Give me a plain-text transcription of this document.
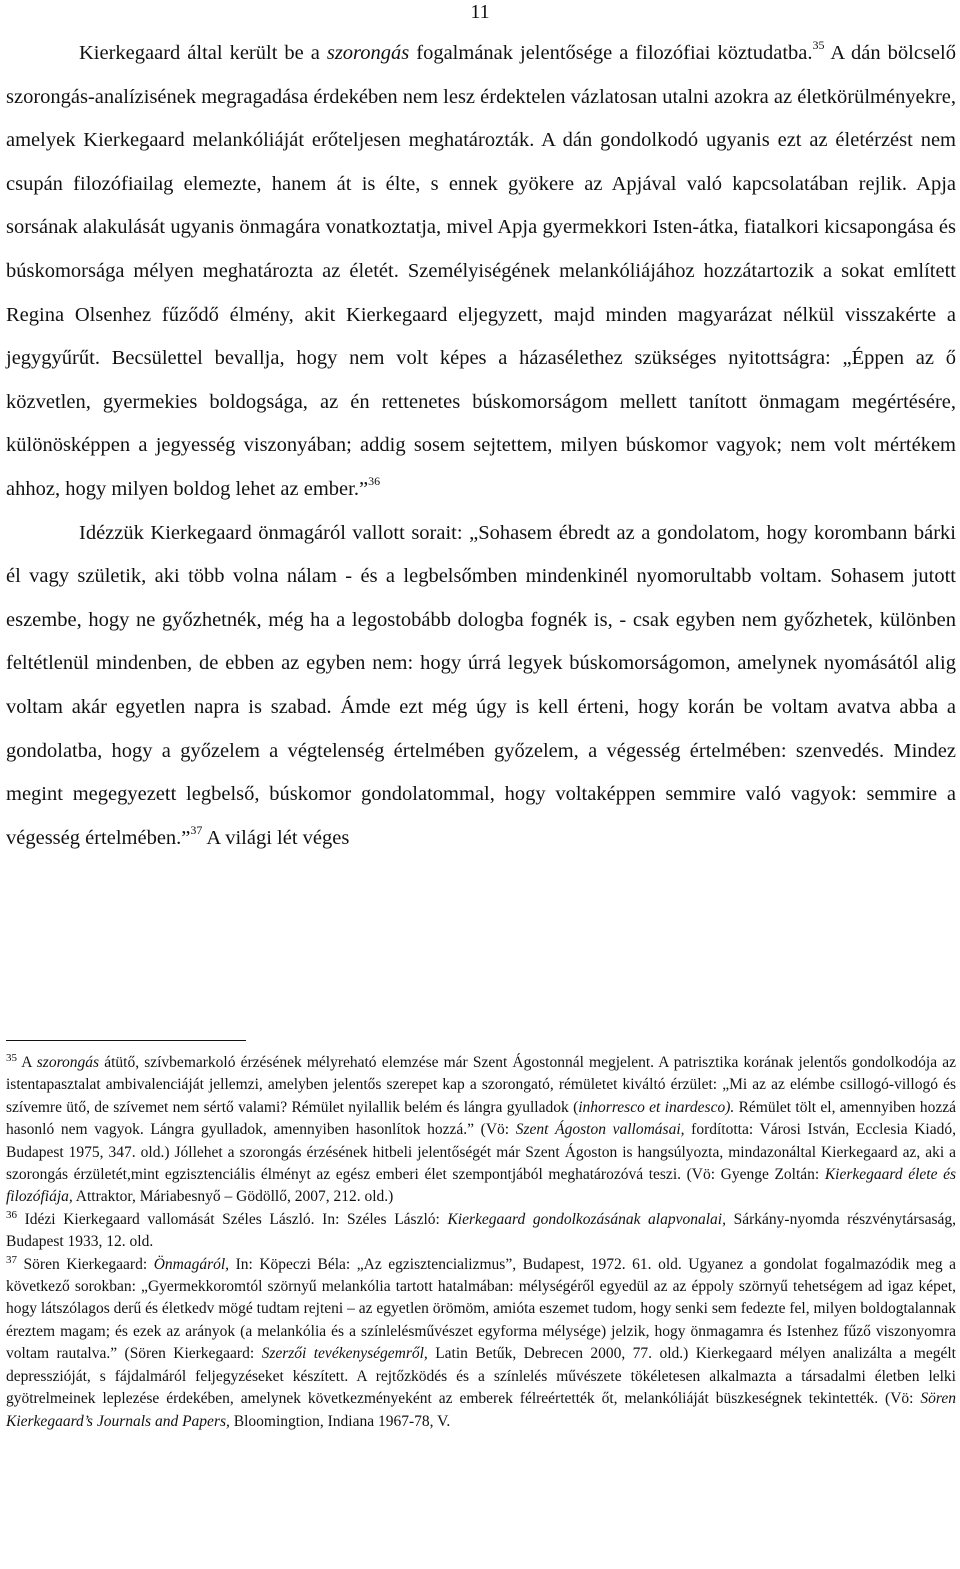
11

Kierkegaard által került be a szorongás fogalmának jelentősége a filozófiai köztudatba.$^{35}$ A dán bölcselő szorongás-analízisének megragadása érdekében nem lesz érdektelen vázlatosan utalni azokra az életkörülményekre, amelyek Kierkegaard melankóliáját erőteljesen meghatározták. A dán gondolkodó ugyanis ezt az életérzést nem csupán filozófiailag elemezte, hanem át is élte, s ennek gyökere az Apjával való kapcsolatában rejlik. Apja sorsának alakulását ugyanis önmagára vonatkoztatja, mivel Apja gyermekkori Isten-átka, fiatalkori kicsapongása és búskomorsága mélyen meghatározta az életét. Személyiségének melankóliájához hozzátartozik a sokat említett Regina Olsenhez fűződő élmény, akit Kierkegaard eljegyzett, majd minden magyarázat nélkül visszakérte a jegygyűrűt. Becsülettel bevallja, hogy nem volt képes a házasélethez szükséges nyitottságra: „Éppen az ő közvetlen, gyermekies boldogsága, az én rettenetes búskomorságom mellett tanított önmagam megértésére, különösképpen a jegyesség viszonyában; addig sosem sejtettem, milyen búskomor vagyok; nem volt mértékem ahhoz, hogy milyen boldog lehet az ember.”$^{36}$

Idézzük Kierkegaard önmagáról vallott sorait: „Sohasem ébredt az a gondolatom, hogy korombann bárki él vagy születik, aki több volna nálam - és a legbelsőmben mindenkinél nyomorultabb voltam. Sohasem jutott eszembe, hogy ne győzhetnék, még ha a legostobább dologba fognék is, - csak egyben nem győzhetek, különben feltétlenül mindenben, de ebben az egyben nem: hogy úrrá legyek búskomorságomon, amelynek nyomásától alig voltam akár egyetlen napra is szabad. Ámde ezt még úgy is kell érteni, hogy korán be voltam avatva abba a gondolatba, hogy a győzelem a végtelenség értelmében győzelem, a végesség értelmében: szenvedés. Mindez megint megegyezett legbelső, búskomor gondolatommal, hogy voltaképpen semmire való vagyok: semmire a végesség értelmében.”$^{37}$ A világi lét véges

$^{35}$ A szorongás átütő, szívbemarkoló érzésének mélyreható elemzése már Szent Ágostonnál megjelent. A patrisztika korának jelentős gondolkodója az istentapasztalat ambivalenciáját jellemzi, amelyben jelentős szerepet kap a szorongató, rémületet kiváltó érzület: „Mi az az elémbe csillogó-villogó és szívemre ütő, de szívemet nem sértő valami? Rémület nyilallik belém és lángra gyulladok (inhorresco et inardesco). Rémület tölt el, amennyiben hozzá hasonló nem vagyok. Lángra gyulladok, amennyiben hasonlítok hozzá.” (Vö: Szent Ágoston vallomásai, fordította: Városi István, Ecclesia Kiadó, Budapest 1975, 347. old.) Jóllehet a szorongás érzésének hitbeli jelentőségét már Szent Ágoston is hangsúlyozta, mindazonáltal Kierkegaard az, aki a szorongás érzületét,mint egzisztenciális élményt az egész emberi élet szempontjából meghatározóvá teszi. (Vö: Gyenge Zoltán: Kierkegaard élete és filozófiája, Attraktor, Máriabesnyő – Gödöllő, 2007, 212. old.)

$^{36}$ Idézi Kierkegaard vallomását Széles László. In: Széles László: Kierkegaard gondolkozásának alapvonalai, Sárkány-nyomda részvénytársaság, Budapest 1933, 12. old.

$^{37}$ Sören Kierkegaard: Önmagáról, In: Köpeczi Béla: „Az egzisztencializmus”, Budapest, 1972. 61. old. Ugyanez a gondolat fogalmazódik meg a következő sorokban: „Gyermekkoromtól szörnyű melankólia tartott hatalmában: mélységéről egyedül az az éppoly szörnyű tehetségem ad igaz képet, hogy látszólagos derű és életkedv mögé tudtam rejteni – az egyetlen örömöm, amióta eszemet tudom, hogy senki sem fedezte fel, milyen boldogtalannak éreztem magam; és ezek az arányok (a melankólia és a színlelésművészet egyforma mélysége) jelzik, hogy önmagamra és Istenhez fűző viszonyomra voltam rautalva.” (Sören Kierkegaard: Szerzői tevékenységemről, Latin Betűk, Debrecen 2000, 77. old.) Kierkegaard mélyen analizálta a megélt depresszióját, s fájdalmáról feljegyzéseket készített. A rejtőzködés és a színlelés művészete tökéletesen alkalmazta a társadalmi életben lelki gyötrelmeinek leplezése érdekében, amelynek következményeként az emberek félreértették őt, melankóliáját büszkeségnek tekintették. (Vö: Sören Kierkegaard’s Journals and Papers, Bloomingtion, Indiana 1967-78, V.
